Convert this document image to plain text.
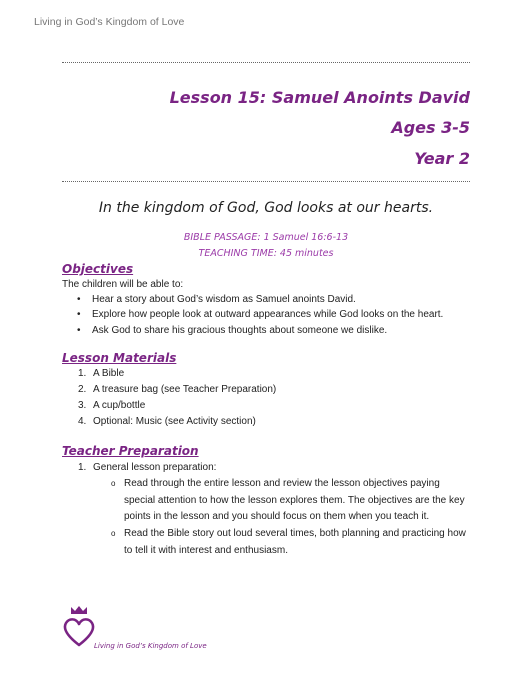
Living in God’s Kingdom of Love
Lesson 15: Samuel Anoints David
Ages 3-5
Year 2
In the kingdom of God, God looks at our hearts.
BIBLE PASSAGE: 1 Samuel 16:6-13
TEACHING TIME: 45 minutes
Objectives
The children will be able to:
• Hear a story about God’s wisdom as Samuel anoints David.
• Explore how people look at outward appearances while God looks on the heart.
• Ask God to share his gracious thoughts about someone we dislike.
Lesson Materials
1. A Bible
2. A treasure bag (see Teacher Preparation)
3. A cup/bottle
4. Optional: Music (see Activity section)
Teacher Preparation
1. General lesson preparation:
o Read through the entire lesson and review the lesson objectives paying special attention to how the lesson explores them. The objectives are the key points in the lesson and you should focus on them when you teach it.
o Read the Bible story out loud several times, both planning and practicing how to tell it with interest and enthusiasm.
Living in God’s Kingdom of Love
